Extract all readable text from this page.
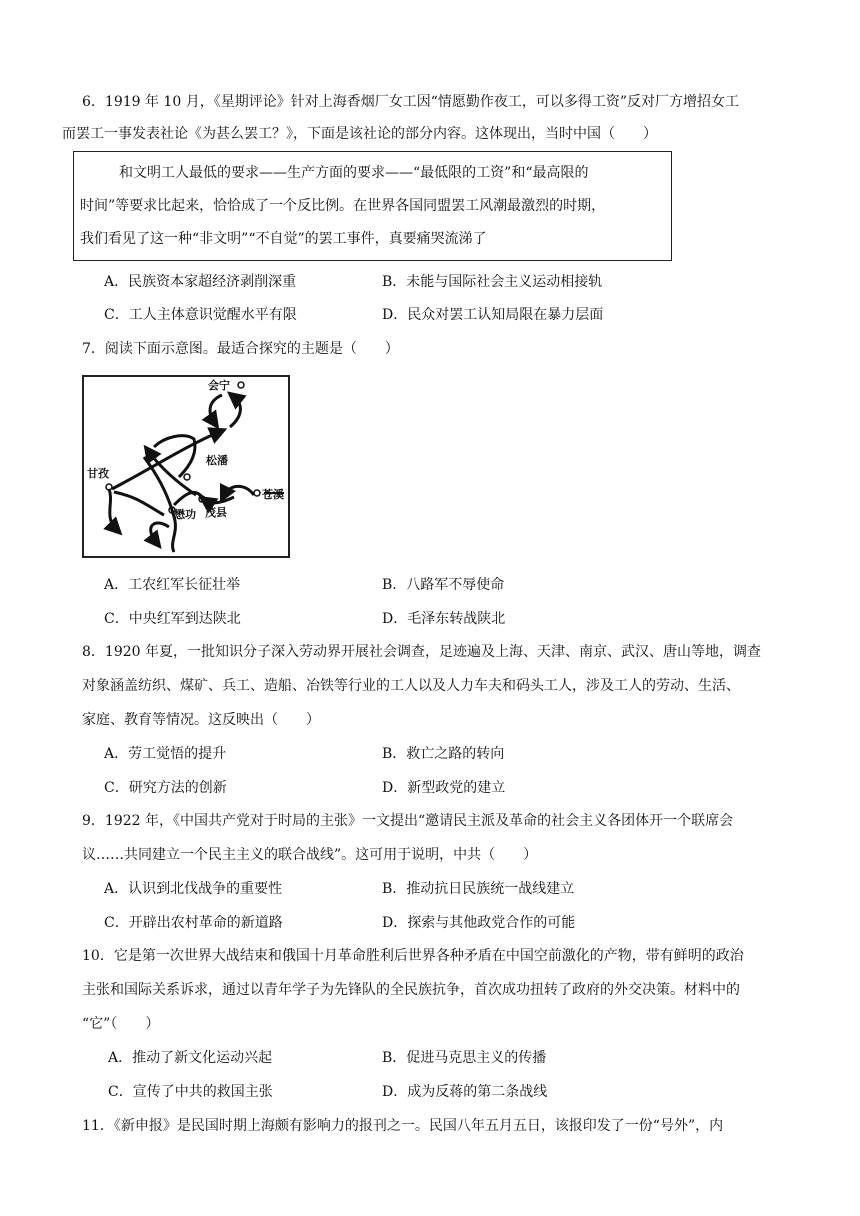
6．1919 年 10 月，《星期评论》针对上海香烟厂女工因“情愿勤作夜工，可以多得工资”反对厂方增招女工
而罢工一事发表社论《为甚么罢工？》，下面是该社论的部分内容。这体现出，当时中国（　　）
和文明工人最低的要求——生产方面的要求——“最低限的工资”和“最高限的
时间”等要求比起来，恰恰成了一个反比例。在世界各国同盟罢工风潮最激烈的时期，
我们看见了这一种“非文明”“不自觉”的罢工事件，真要痛哭流涕了
A．民族资本家超经济剥削深重	B．未能与国际社会主义运动相接轨
C．工人主体意识觉醒水平有限	D．民众对罢工认知局限在暴力层面
7．阅读下面示意图。最适合探究的主题是（　　）
会宁
甘孜
松潘
懋功 茂县
苍溪
A．工农红军长征壮举	B．八路军不辱使命
C．中央红军到达陕北	D．毛泽东转战陕北
8．1920 年夏，一批知识分子深入劳动界开展社会调查，足迹遍及上海、天津、南京、武汉、唐山等地，调查
对象涵盖纺织、煤矿、兵工、造船、冶铁等行业的工人以及人力车夫和码头工人，涉及工人的劳动、生活、
家庭、教育等情况。这反映出（　　）
A．劳工觉悟的提升	B．救亡之路的转向
C．研究方法的创新	D．新型政党的建立
9．1922 年，《中国共产党对于时局的主张》一文提出“邀请民主派及革命的社会主义各团体开一个联席会
议……共同建立一个民主主义的联合战线”。这可用于说明，中共（　　）
A．认识到北伐战争的重要性	B．推动抗日民族统一战线建立
C．开辟出农村革命的新道路	D．探索与其他政党合作的可能
10．它是第一次世界大战结束和俄国十月革命胜利后世界各种矛盾在中国空前激化的产物，带有鲜明的政治
主张和国际关系诉求，通过以青年学子为先锋队的全民族抗争，首次成功扭转了政府的外交决策。材料中的
“它”（　　）
A．推动了新文化运动兴起	B．促进马克思主义的传播
C．宣传了中共的救国主张	D．成为反蒋的第二条战线
11．《新申报》是民国时期上海颇有影响力的报刊之一。民国八年五月五日，该报印发了一份“号外”，内
